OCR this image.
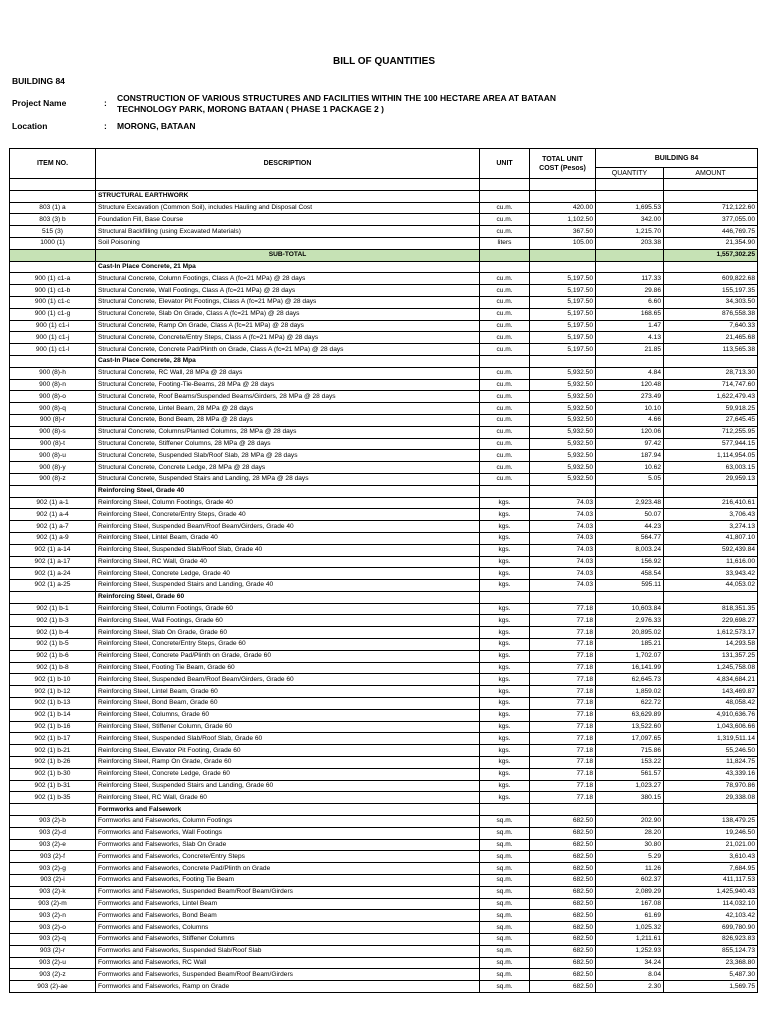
BILL OF QUANTITIES
BUILDING 84
Project Name	: CONSTRUCTION OF VARIOUS STRUCTURES AND FACILITIES WITHIN THE 100 HECTARE AREA AT BATAAN TECHNOLOGY PARK, MORONG BATAAN ( PHASE 1 PACKAGE 2 )
Location	: MORONG, BATAAN
ITEM NO.	DESCRIPTION	UNIT	TOTAL UNIT COST (Pesos)	BUILDING 84	
				QUANTITY	AMOUNT

	STRUCTURAL EARTHWORK				
803 (1) a	Structure Excavation (Common Soil), includes Hauling and Disposal Cost	cu.m.	420.00	1,695.53	712,122.60
803 (3) b	Foundation Fill, Base Course	cu.m.	1,102.50	342.00	377,055.00
515 (3)	Structural Backfilling (using Excavated Materials)	cu.m.	367.50	1,215.70	446,769.75
1000 (1)	Soil Poisoning	liters	105.00	203.38	21,354.90
	SUB-TOTAL				1,557,302.25
	Cast-In Place Concrete, 21 Mpa				
900 (1) c1-a	Structural Concrete, Column Footings, Class A (fc=21 MPa) @ 28 days	cu.m.	5,197.50	117.33	609,822.68
900 (1) c1-b	Structural Concrete, Wall Footings, Class A (fc=21 MPa) @ 28 days	cu.m.	5,197.50	29.86	155,197.35
900 (1) c1-c	Structural Concrete, Elevator Pit Footings, Class A (fc=21 MPa) @ 28 days	cu.m.	5,197.50	6.60	34,303.50
900 (1) c1-g	Structural Concrete, Slab On Grade, Class A (fc=21 MPa) @ 28 days	cu.m.	5,197.50	168.65	876,558.38
900 (1) c1-i	Structural Concrete, Ramp On Grade, Class A (fc=21 MPa) @ 28 days	cu.m.	5,197.50	1.47	7,640.33
900 (1) c1-j	Structural Concrete, Concrete/Entry Steps, Class A (fc=21 MPa) @ 28 days	cu.m.	5,197.50	4.13	21,465.68
900 (1) c1-l	Structural Concrete, Concrete Pad/Plinth on Grade, Class A (fc=21 MPa) @ 28 days	cu.m.	5,197.50	21.85	113,565.38
	Cast-In Place Concrete, 28 Mpa				
900 (8)-h	Structural Concrete, RC Wall, 28 MPa @ 28 days	cu.m.	5,932.50	4.84	28,713.30
900 (8)-n	Structural Concrete, Footing-Tie-Beams, 28 MPa @ 28 days	cu.m.	5,932.50	120.48	714,747.60
900 (8)-o	Structural Concrete, Roof Beams/Suspended Beams/Girders, 28 MPa @ 28 days	cu.m.	5,932.50	273.49	1,622,479.43
900 (8)-q	Structural Concrete, Lintel Beam, 28 MPa @ 28 days	cu.m.	5,932.50	10.10	59,918.25
900 (8)-r	Structural Concrete, Bond Beam, 28 MPa @ 28 days	cu.m.	5,932.50	4.66	27,645.45
900 (8)-s	Structural Concrete, Columns/Planted Columns, 28 MPa @ 28 days	cu.m.	5,932.50	120.06	712,255.95
900 (8)-t	Structural Concrete, Stiffener Columns, 28 MPa @ 28 days	cu.m.	5,932.50	97.42	577,944.15
900 (8)-u	Structural Concrete, Suspended Slab/Roof Slab, 28 MPa @ 28 days	cu.m.	5,932.50	187.94	1,114,954.05
900 (8)-y	Structural Concrete, Concrete Ledge, 28 MPa @ 28 days	cu.m.	5,932.50	10.62	63,003.15
900 (8)-z	Structural Concrete, Suspended Stairs and Landing, 28 MPa @ 28 days	cu.m.	5,932.50	5.05	29,959.13
	Reinforcing Steel, Grade 40				
902 (1) a-1	Reinforcing Steel, Column Footings, Grade 40	kgs.	74.03	2,923.48	216,410.61
902 (1) a-4	Reinforcing Steel, Concrete/Entry Steps, Grade 40	kgs.	74.03	50.07	3,706.43
902 (1) a-7	Reinforcing Steel, Suspended Beam/Roof Beam/Girders, Grade 40	kgs.	74.03	44.23	3,274.13
902 (1) a-9	Reinforcing Steel, Lintel Beam, Grade 40	kgs.	74.03	564.77	41,807.10
902 (1) a-14	Reinforcing Steel, Suspended Slab/Roof Slab, Grade 40	kgs.	74.03	8,003.24	592,439.84
902 (1) a-17	Reinforcing Steel, RC Wall, Grade 40	kgs.	74.03	156.92	11,616.00
902 (1) a-24	Reinforcing Steel, Concrete Ledge, Grade 40	kgs.	74.03	458.54	33,943.42
902 (1) a-25	Reinforcing Steel, Suspended Stairs and Landing, Grade 40	kgs.	74.03	595.11	44,053.02
	Reinforcing Steel, Grade 60				
902 (1) b-1	Reinforcing Steel, Column Footings, Grade 60	kgs.	77.18	10,603.84	818,351.35
902 (1) b-3	Reinforcing Steel, Wall Footings, Grade 60	kgs.	77.18	2,976.33	229,698.27
902 (1) b-4	Reinforcing Steel, Slab On Grade, Grade 60	kgs.	77.18	20,895.02	1,612,573.17
902 (1) b-5	Reinforcing Steel, Concrete/Entry Steps, Grade 60	kgs.	77.18	185.21	14,293.58
902 (1) b-6	Reinforcing Steel, Concrete Pad/Plinth on Grade, Grade 60	kgs.	77.18	1,702.07	131,357.25
902 (1) b-8	Reinforcing Steel, Footing Tie Beam, Grade 60	kgs.	77.18	16,141.99	1,245,758.08
902 (1) b-10	Reinforcing Steel, Suspended Beam/Roof Beam/Girders, Grade 60	kgs.	77.18	62,645.73	4,834,684.21
902 (1) b-12	Reinforcing Steel, Lintel Beam, Grade 60	kgs.	77.18	1,859.02	143,469.87
902 (1) b-13	Reinforcing Steel, Bond Beam, Grade 60	kgs.	77.18	622.72	48,058.42
902 (1) b-14	Reinforcing Steel, Columns, Grade 60	kgs.	77.18	63,629.89	4,910,636.76
902 (1) b-16	Reinforcing Steel, Stiffener Column, Grade 60	kgs.	77.18	13,522.60	1,043,606.66
902 (1) b-17	Reinforcing Steel, Suspended Slab/Roof Slab, Grade 60	kgs.	77.18	17,097.65	1,319,511.14
902 (1) b-21	Reinforcing Steel, Elevator Pit Footing, Grade 60	kgs.	77.18	715.86	55,246.50
902 (1) b-26	Reinforcing Steel, Ramp On Grade, Grade 60	kgs.	77.18	153.22	11,824.75
902 (1) b-30	Reinforcing Steel, Concrete Ledge, Grade 60	kgs.	77.18	561.57	43,339.16
902 (1) b-31	Reinforcing Steel, Suspended Stairs and Landing, Grade 60	kgs.	77.18	1,023.27	78,970.86
902 (1) b-35	Reinforcing Steel, RC Wall, Grade 60	kgs.	77.18	380.15	29,338.08
	Formworks and Falsework				
903 (2)-b	Formworks and Falseworks, Column Footings	sq.m.	682.50	202.90	138,479.25
903 (2)-d	Formworks and Falseworks, Wall Footings	sq.m.	682.50	28.20	19,246.50
903 (2)-e	Formworks and Falseworks, Slab On Grade	sq.m.	682.50	30.80	21,021.00
903 (2)-f	Formworks and Falseworks, Concrete/Entry Steps	sq.m.	682.50	5.29	3,610.43
903 (2)-g	Formworks and Falseworks, Concrete Pad/Plinth on Grade	sq.m.	682.50	11.26	7,684.95
903 (2)-i	Formworks and Falseworks, Footing Tie Beam	sq.m.	682.50	602.37	411,117.53
903 (2)-k	Formworks and Falseworks, Suspended Beam/Roof Beam/Girders	sq.m.	682.50	2,089.29	1,425,940.43
903 (2)-m	Formworks and Falseworks, Lintel Beam	sq.m.	682.50	167.08	114,032.10
903 (2)-n	Formworks and Falseworks, Bond Beam	sq.m.	682.50	61.69	42,103.42
903 (2)-o	Formworks and Falseworks, Columns	sq.m.	682.50	1,025.32	699,780.90
903 (2)-q	Formworks and Falseworks, Stiffener Columns	sq.m.	682.50	1,211.61	826,923.83
903 (2)-r	Formworks and Falseworks, Suspended Slab/Roof Slab	sq.m.	682.50	1,252.93	855,124.73
903 (2)-u	Formworks and Falseworks, RC Wall	sq.m.	682.50	34.24	23,368.80
903 (2)-z	Formworks and Falseworks, Suspended Beam/Roof Beam/Girders	sq.m.	682.50	8.04	5,487.30
903 (2)-ae	Formworks and Falseworks, Ramp on Grade	sq.m.	682.50	2.30	1,569.75
